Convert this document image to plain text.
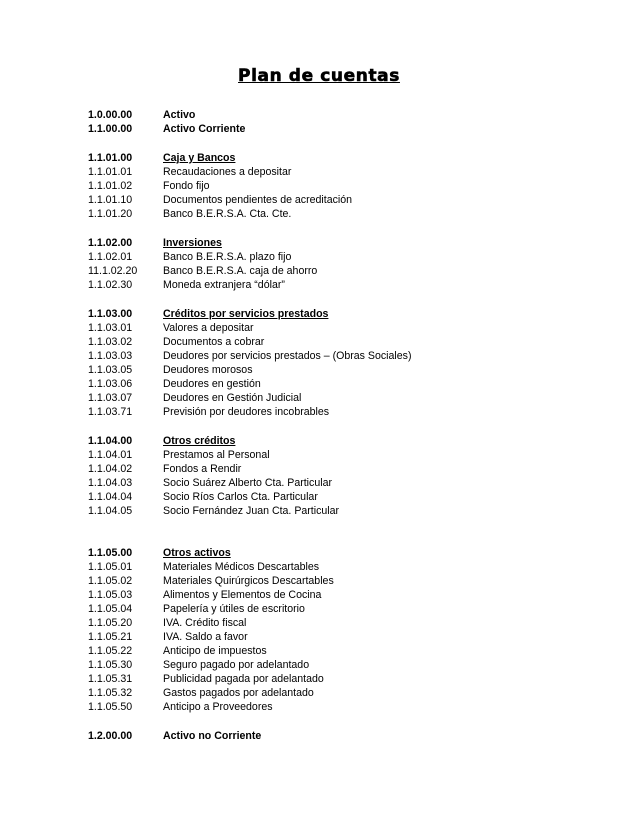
Plan de cuentas
1.0.00.00	Activo
1.1.00.00	Activo Corriente
1.1.01.00	Caja y Bancos
1.1.01.01	Recaudaciones a depositar
1.1.01.02	Fondo fijo
1.1.01.10	Documentos pendientes de acreditación
1.1.01.20	Banco B.E.R.S.A. Cta. Cte.
1.1.02.00	Inversiones
1.1.02.01	Banco B.E.R.S.A. plazo fijo
11.1.02.20 Banco B.E.R.S.A. caja de ahorro
1.1.02.30	Moneda extranjera “dólar”
1.1.03.00	Créditos por servicios prestados
1.1.03.01	Valores a depositar
1.1.03.02	Documentos a cobrar
1.1.03.03	Deudores por servicios prestados – (Obras Sociales)
1.1.03.05	Deudores morosos
1.1.03.06	Deudores en gestión
1.1.03.07	Deudores en Gestión Judicial
1.1.03.71	Previsión por deudores incobrables
1.1.04.00	Otros créditos
1.1.04.01	Prestamos al Personal
1.1.04.02	Fondos a Rendir
1.1.04.03	Socio Suárez Alberto Cta. Particular
1.1.04.04	Socio Ríos Carlos Cta. Particular
1.1.04.05	Socio Fernández Juan Cta. Particular
1.1.05.00	Otros activos
1.1.05.01	Materiales Médicos Descartables
1.1.05.02	Materiales Quirúrgicos Descartables
1.1.05.03	Alimentos y Elementos de Cocina
1.1.05.04	Papelería y útiles de escritorio
1.1.05.20	IVA. Crédito fiscal
1.1.05.21	IVA. Saldo a favor
1.1.05.22	Anticipo de impuestos
1.1.05.30	Seguro pagado por adelantado
1.1.05.31	Publicidad pagada por adelantado
1.1.05.32	Gastos pagados por adelantado
1.1.05.50	Anticipo a Proveedores
1.2.00.00	Activo no Corriente
